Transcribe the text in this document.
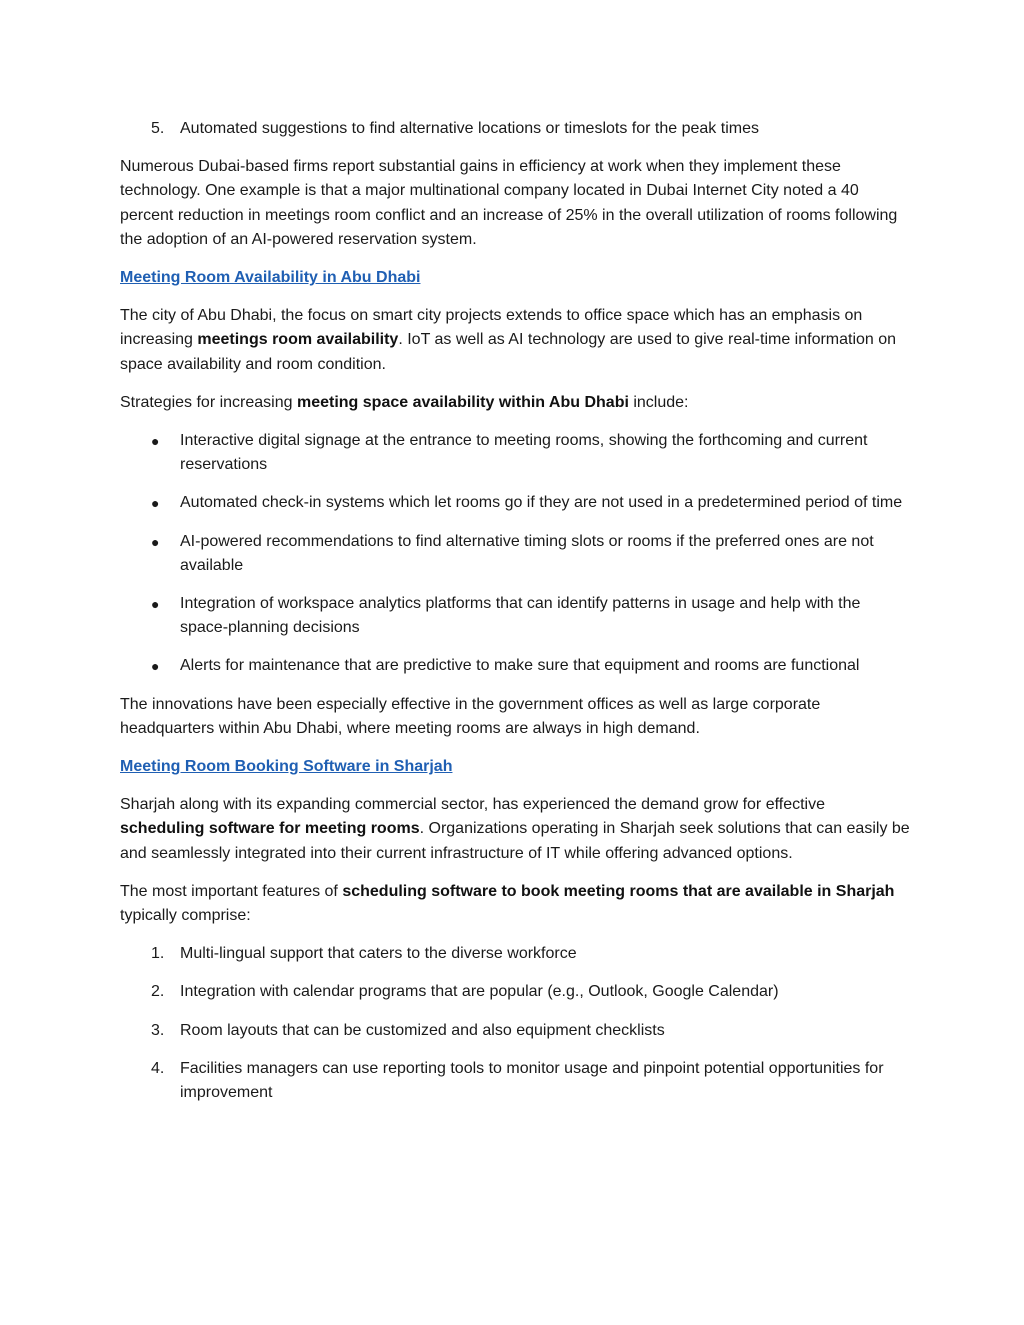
5. Automated suggestions to find alternative locations or timeslots for the peak times

Numerous Dubai-based firms report substantial gains in efficiency at work when they implement these technology. One example is that a major multinational company located in Dubai Internet City noted a 40 percent reduction in meetings room conflict and an increase of 25% in the overall utilization of rooms following the adoption of an AI-powered reservation system.

Meeting Room Availability in Abu Dhabi

The city of Abu Dhabi, the focus on smart city projects extends to office space which has an emphasis on increasing meetings room availability. IoT as well as AI technology are used to give real-time information on space availability and room condition.

Strategies for increasing meeting space availability within Abu Dhabi include:

● Interactive digital signage at the entrance to meeting rooms, showing the forthcoming and current reservations
● Automated check-in systems which let rooms go if they are not used in a predetermined period of time
● AI-powered recommendations to find alternative timing slots or rooms if the preferred ones are not available
● Integration of workspace analytics platforms that can identify patterns in usage and help with the space-planning decisions
● Alerts for maintenance that are predictive to make sure that equipment and rooms are functional

The innovations have been especially effective in the government offices as well as large corporate headquarters within Abu Dhabi, where meeting rooms are always in high demand.

Meeting Room Booking Software in Sharjah

Sharjah along with its expanding commercial sector, has experienced the demand grow for effective scheduling software for meeting rooms. Organizations operating in Sharjah seek solutions that can easily be and seamlessly integrated into their current infrastructure of IT while offering advanced options.

The most important features of scheduling software to book meeting rooms that are available in Sharjah typically comprise:

1. Multi-lingual support that caters to the diverse workforce
2. Integration with calendar programs that are popular (e.g., Outlook, Google Calendar)
3. Room layouts that can be customized and also equipment checklists
4. Facilities managers can use reporting tools to monitor usage and pinpoint potential opportunities for improvement
